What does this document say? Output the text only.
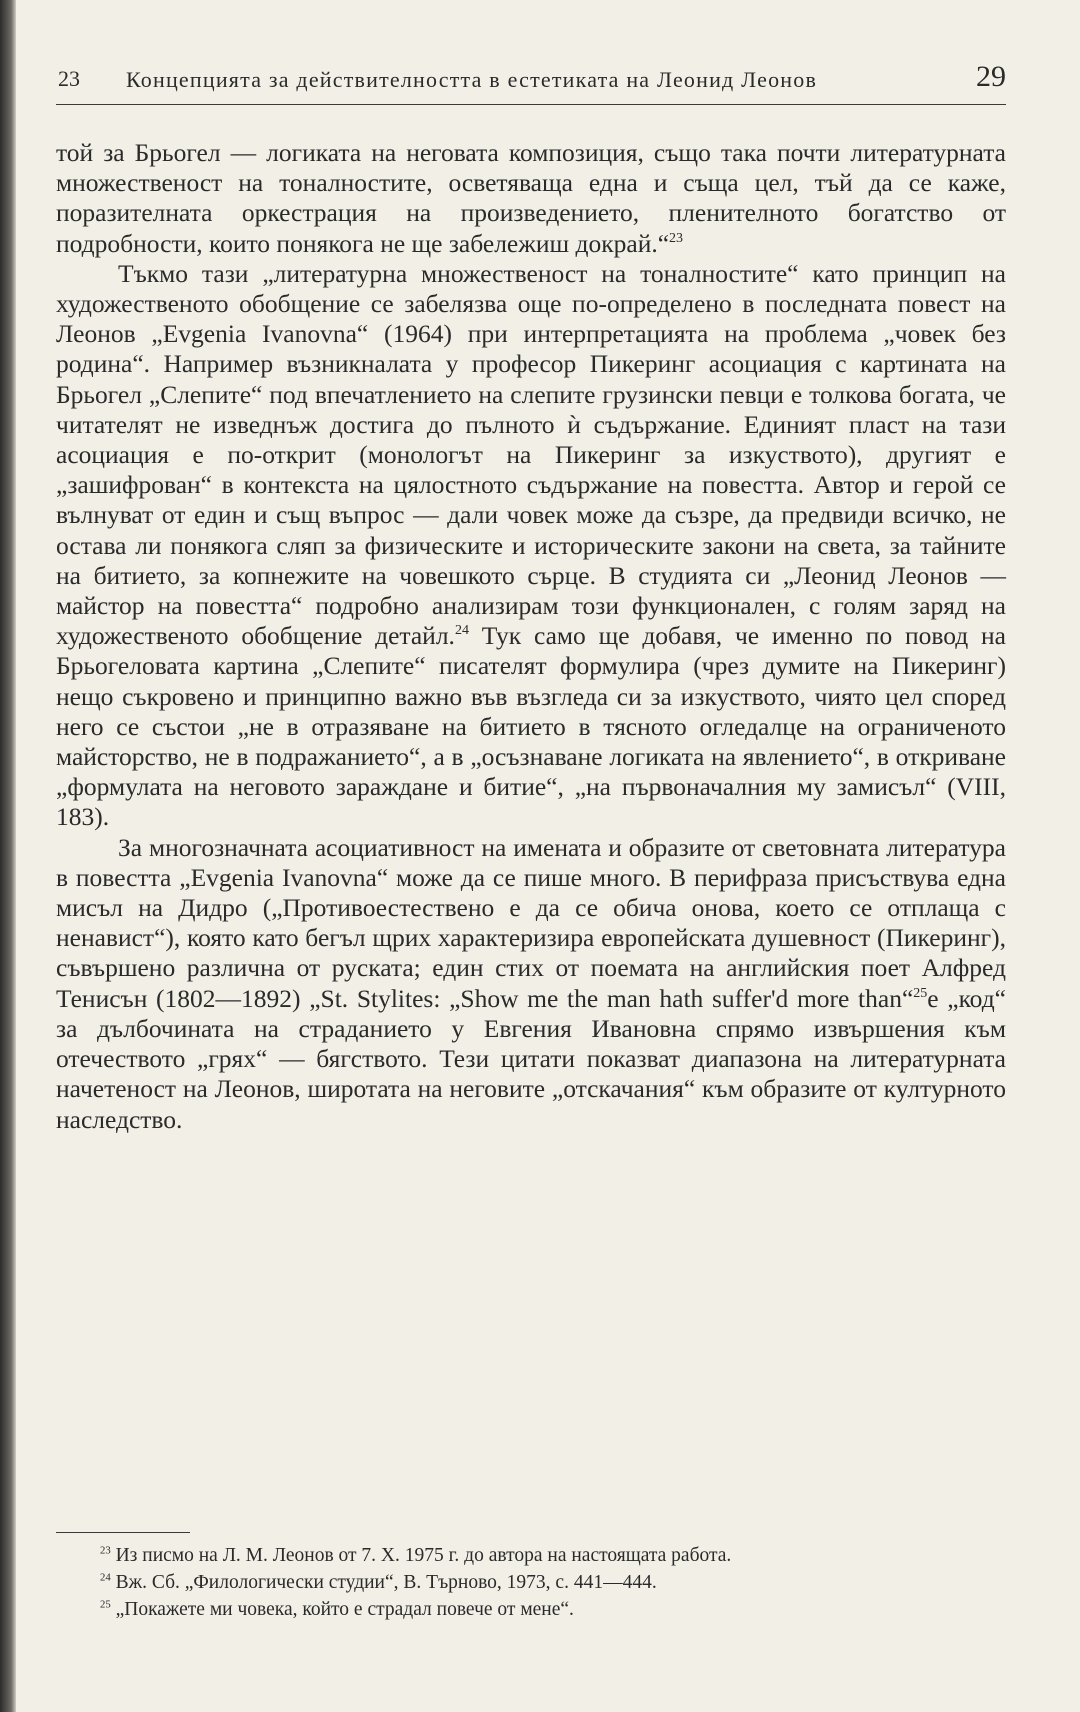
23 Концепцията за действителността в естетиката на Леонид Леонов	29

той за Брьогел — логиката на неговата композиция, също така почти литературната множественост на тоналностите, осветяваща една и съща цел, тъй да се каже, поразителната оркестрация на произведението, пленителното богатство от подробности, които понякога не ще забележиш докрай.“$^{23}$

Тъкмо тази „литературна множественост на тоналностите“ като принцип на художественото обобщение се забелязва още по-определено в последната повест на Леонов „Evgenia Ivanovna“ (1964) при интерпретацията на проблема „човек без родина“. Например възникналата у професор Пикеринг асоциация с картината на Брьогел „Слепите“ под впечатлението на слепите грузински певци е толкова богата, че читателят не изведнъж достига до пълното ѝ съдържание. Единият пласт на тази асоциация е по-открит (монологът на Пикеринг за изкуството), другият е „зашифрован“ в контекста на цялостното съдържание на повестта. Автор и герой се вълнуват от един и същ въпрос — дали човек може да съзре, да предвиди всичко, не остава ли понякога сляп за физическите и историческите закони на света, за тайните на битието, за копнежите на човешкото сърце. В студията си „Леонид Леонов — майстор на повестта“ подробно анализирам този функционален, с голям заряд на художественото обобщение детайл.$^{24}$ Тук само ще добавя, че именно по повод на Брьогеловата картина „Слепите“ писателят формулира (чрез думите на Пикеринг) нещо съкровено и принципно важно във възгледа си за изкуството, чиято цел според него се състои „не в отразяване на битието в тясното огледалце на ограниченото майсторство, не в подражанието“, а в „осъзнаване логиката на явлението“, в откриване „формулата на неговото зараждане и битие“, „на първоначалния му замисъл“ (VIII, 183).

За многозначната асоциативност на имената и образите от световната литература в повестта „Evgenia Ivanovna“ може да се пише много. В перифраза присъствува една мисъл на Дидро („Противоестествено е да се обича онова, което се отплаща с ненавист“), която като бегъл щрих характеризира европейската душевност (Пикеринг), съвършено различна от руската; един стих от поемата на английския поет Алфред Тенисън (1802—1892) „St. Stylites: „Show me the man hath suffer'd more than“$^{25}$е „код“ за дълбочината на страданието у Евгения Ивановна спрямо извършения към отечеството „грях“ — бягството. Тези цитати показват диапазона на литературната начетеност на Леонов, широтата на неговите „отскачания“ към образите от културното наследство.

$^{23}$ Из писмо на Л. М. Леонов от 7. X. 1975 г. до автора на настоящата работа.

$^{24}$ Вж. Сб. „Филологически студии“, В. Търново, 1973, с. 441—444.

$^{25}$ „Покажете ми човека, който е страдал повече от мене“.
